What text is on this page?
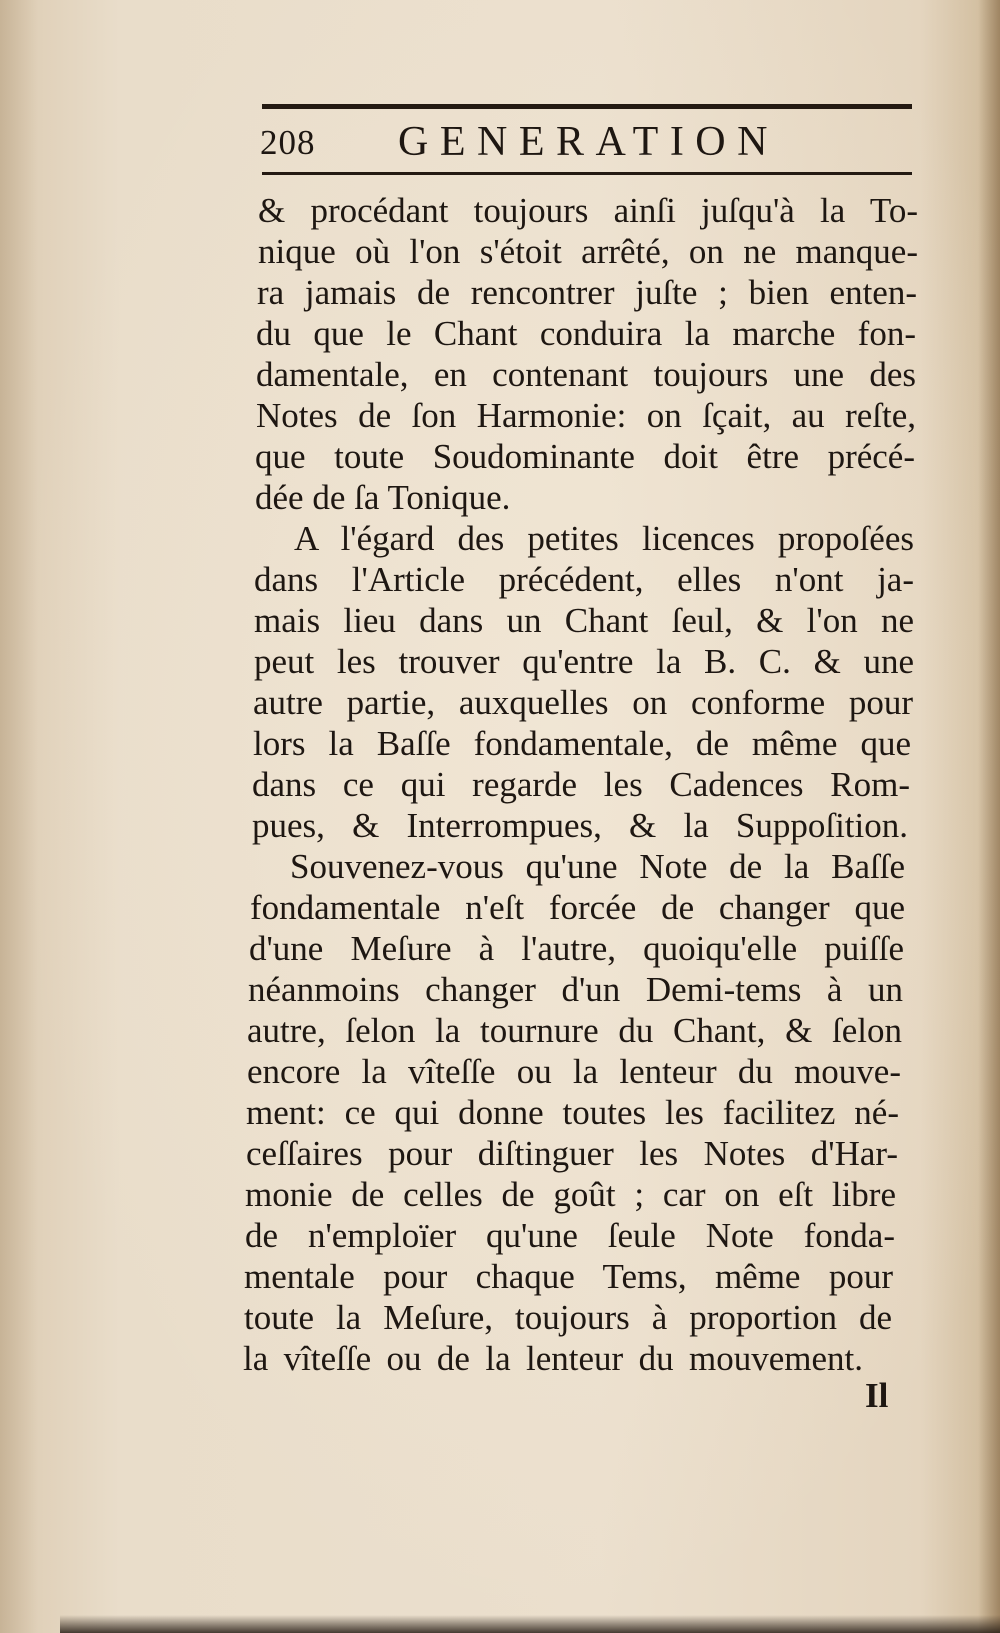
208 GENERATION
& procédant toujours ainſi juſqu'à la To-
nique où l'on s'étoit arrêté, on ne manque-
ra jamais de rencontrer juſte ; bien enten-
du que le Chant conduira la marche fon-
damentale, en contenant toujours une des
Notes de ſon Harmonie: on ſçait, au reſte,
que toute Soudominante doit être précé-
dée de ſa Tonique.
A l'égard des petites licences propoſées
dans l'Article précédent, elles n'ont ja-
mais lieu dans un Chant ſeul, & l'on ne
peut les trouver qu'entre la B. C. & une
autre partie, auxquelles on conforme pour
lors la Baſſe fondamentale, de même que
dans ce qui regarde les Cadences Rom-
pues, & Interrompues, & la Suppoſition.
Souvenez-vous qu'une Note de la Baſſe
fondamentale n'eſt forcée de changer que
d'une Meſure à l'autre, quoiqu'elle puiſſe
néanmoins changer d'un Demi-tems à un
autre, ſelon la tournure du Chant, & ſelon
encore la vîteſſe ou la lenteur du mouve-
ment: ce qui donne toutes les facilitez né-
ceſſaires pour diſtinguer les Notes d'Har-
monie de celles de goût ; car on eſt libre
de n'emploïer qu'une ſeule Note fonda-
mentale pour chaque Tems, même pour
toute la Meſure, toujours à proportion de
la vîteſſe ou de la lenteur du mouvement.
Il
